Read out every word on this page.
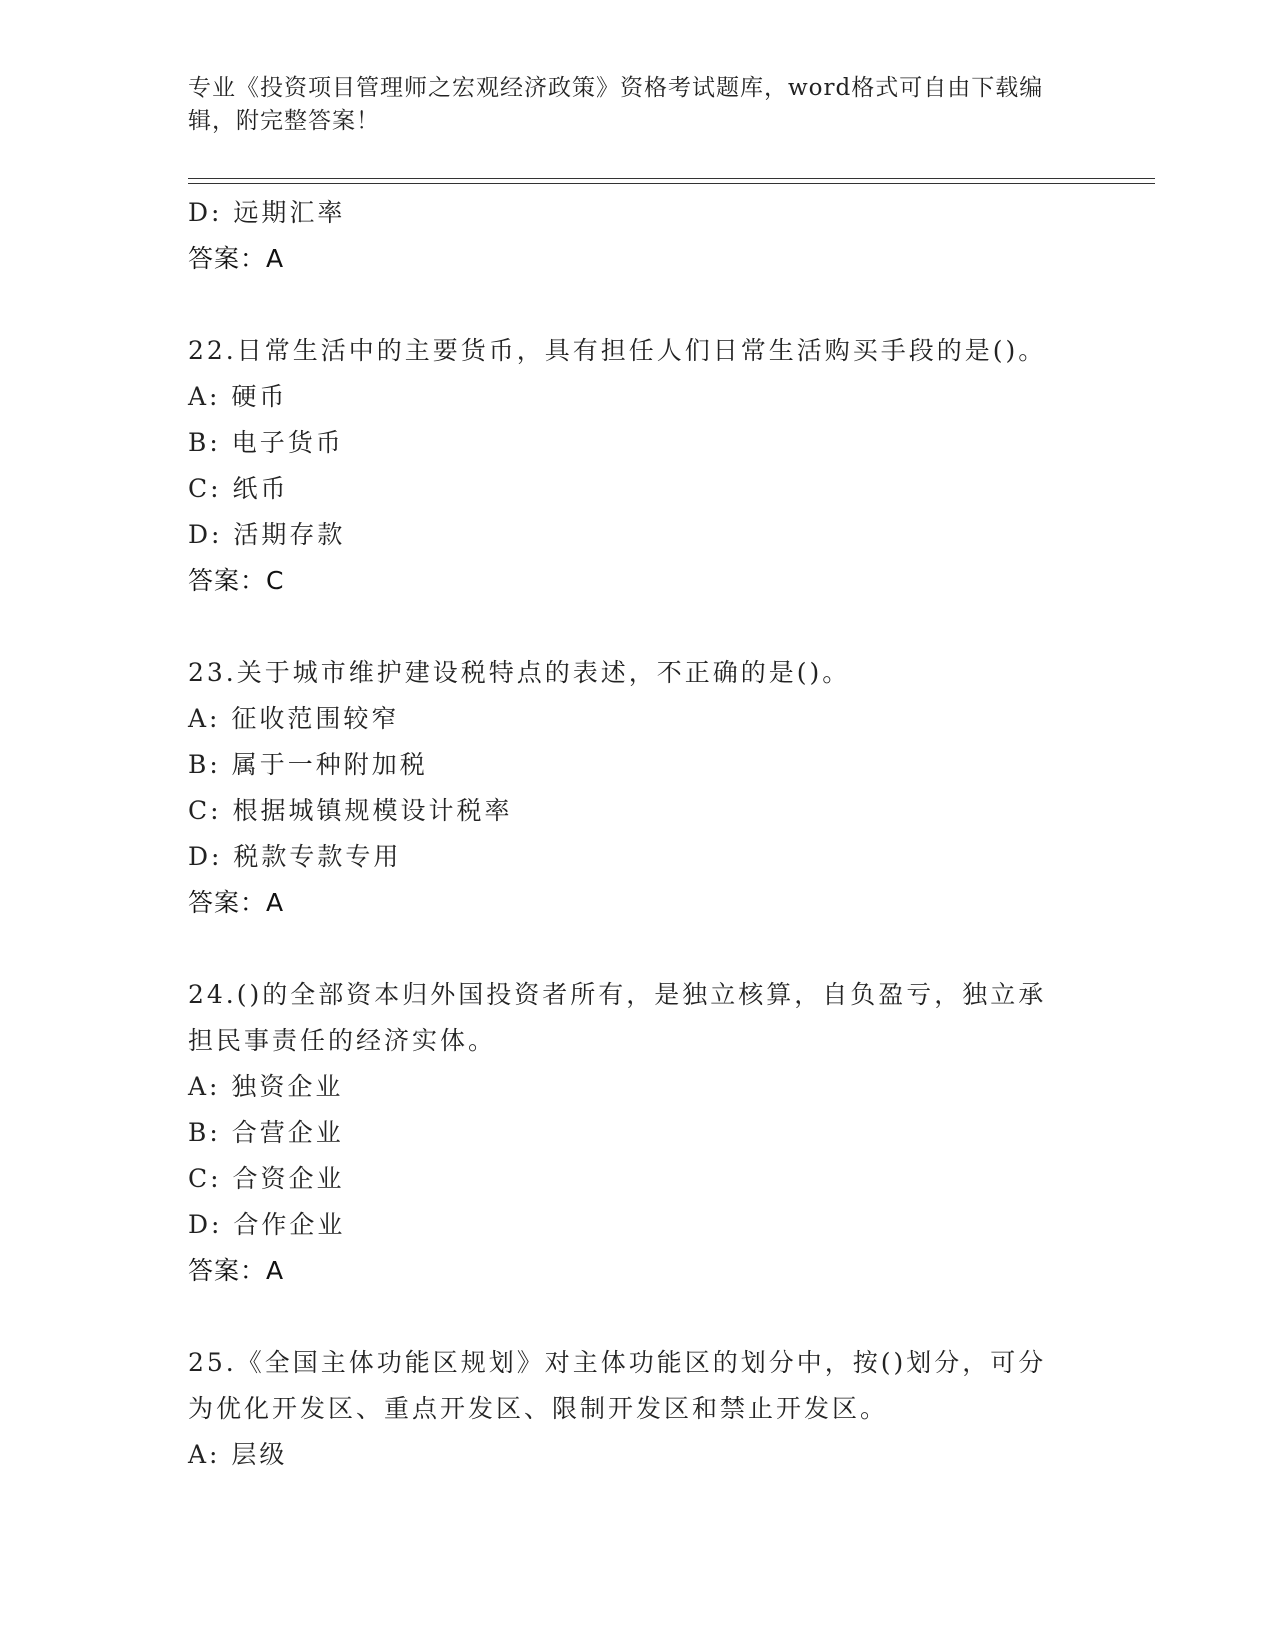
专业《投资项目管理师之宏观经济政策》资格考试题库，word格式可自由下载编辑，附完整答案！
D: 远期汇率
答案：A
22.日常生活中的主要货币，具有担任人们日常生活购买手段的是()。
A: 硬币
B: 电子货币
C: 纸币
D: 活期存款
答案：C
23.关于城市维护建设税特点的表述，不正确的是()。
A: 征收范围较窄
B: 属于一种附加税
C: 根据城镇规模设计税率
D: 税款专款专用
答案：A
24.()的全部资本归外国投资者所有，是独立核算，自负盈亏，独立承担民事责任的经济实体。
A: 独资企业
B: 合营企业
C: 合资企业
D: 合作企业
答案：A
25.《全国主体功能区规划》对主体功能区的划分中，按()划分，可分为优化开发区、重点开发区、限制开发区和禁止开发区。
A: 层级
